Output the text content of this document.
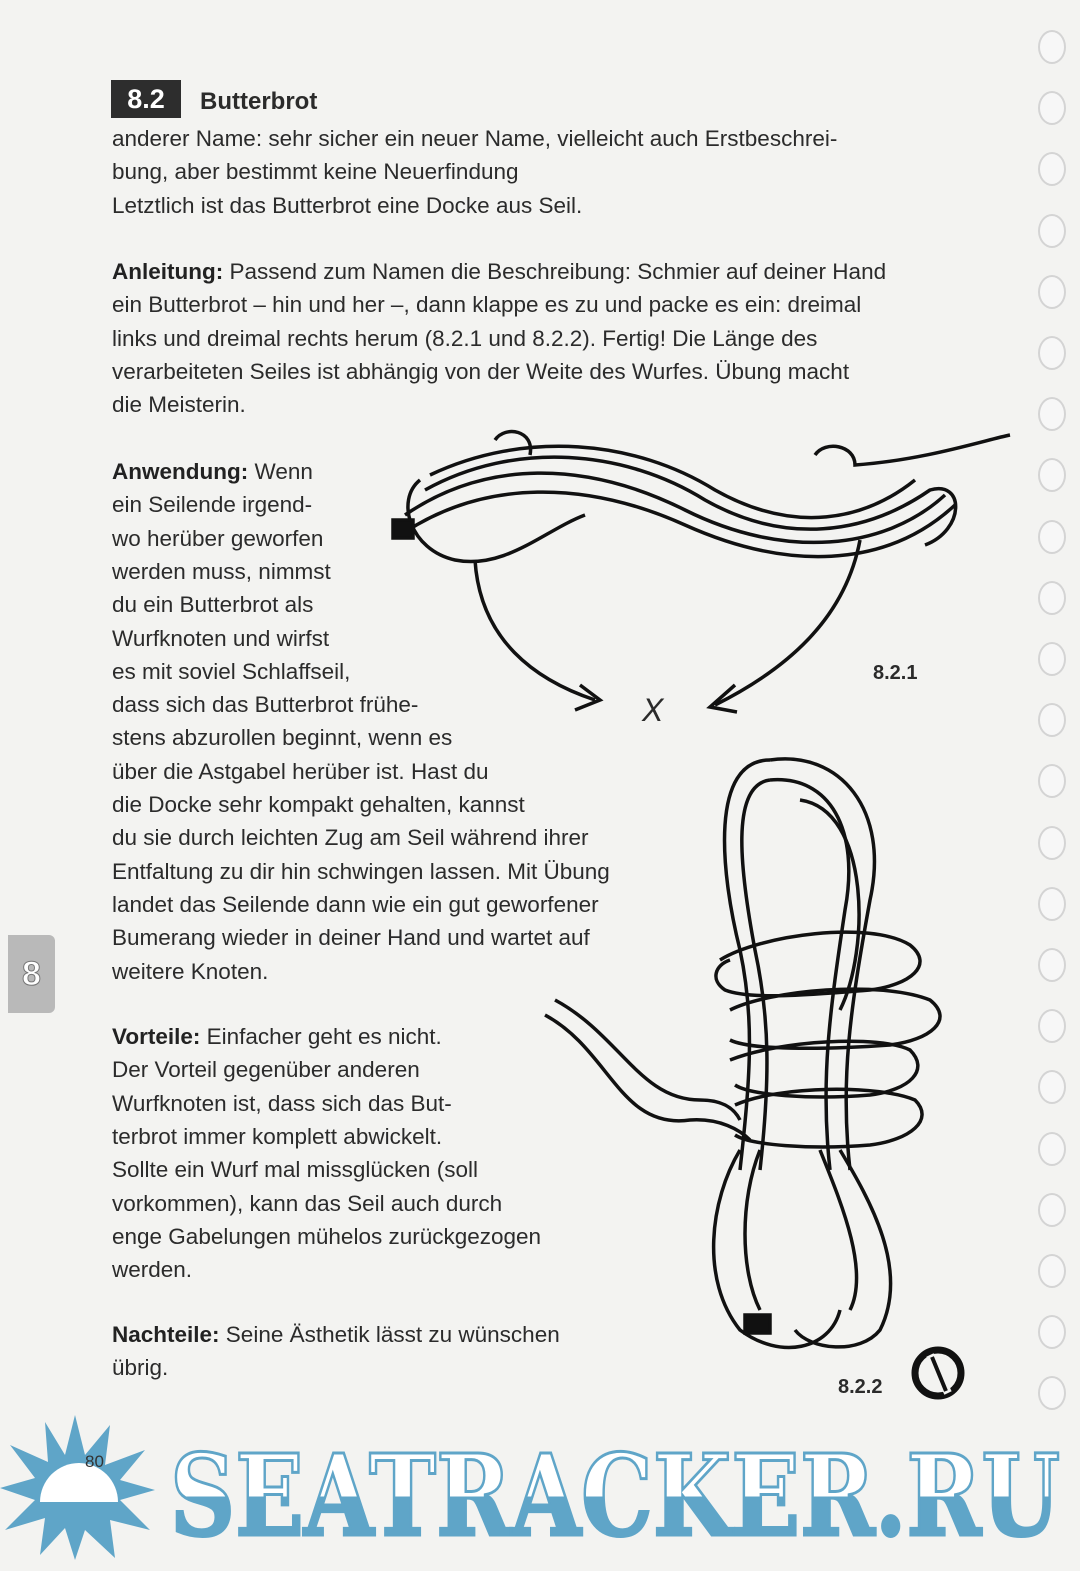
8.2	Butterbrot
anderer Name: sehr sicher ein neuer Name, vielleicht auch Erstbeschrei-
bung, aber bestimmt keine Neuerfindung
Letztlich ist das Butterbrot eine Docke aus Seil.
Anleitung: Passend zum Namen die Beschreibung: Schmier auf deiner Hand
ein Butterbrot – hin und her –, dann klappe es zu und packe es ein: dreimal
links und dreimal rechts herum (8.2.1 und 8.2.2). Fertig! Die Länge des
verarbeiteten Seiles ist abhängig von der Weite des Wurfes. Übung macht
die Meisterin.
Anwendung: Wenn
ein Seilende irgend-
wo herüber geworfen
werden muss, nimmst
du ein Butterbrot als
Wurfknoten und wirfst
es mit soviel Schlaffseil,
dass sich das Butterbrot frühe-
stens abzurollen beginnt, wenn es
über die Astgabel herüber ist. Hast du
die Docke sehr kompakt gehalten, kannst
du sie durch leichten Zug am Seil während ihrer
Entfaltung zu dir hin schwingen lassen. Mit Übung
landet das Seilende dann wie ein gut geworfener
Bumerang wieder in deiner Hand und wartet auf
weitere Knoten.
Vorteile: Einfacher geht es nicht.
Der Vorteil gegenüber anderen
Wurfknoten ist, dass sich das But-
terbrot immer komplett abwickelt.
Sollte ein Wurf mal missglücken (soll
vorkommen), kann das Seil auch durch
enge Gabelungen mühelos zurückgezogen
werden.
Nachteile: Seine Ästhetik lässt zu wünschen
übrig.
X
8.2.1
8.2.2
8
SEATRACKER.RU
80
